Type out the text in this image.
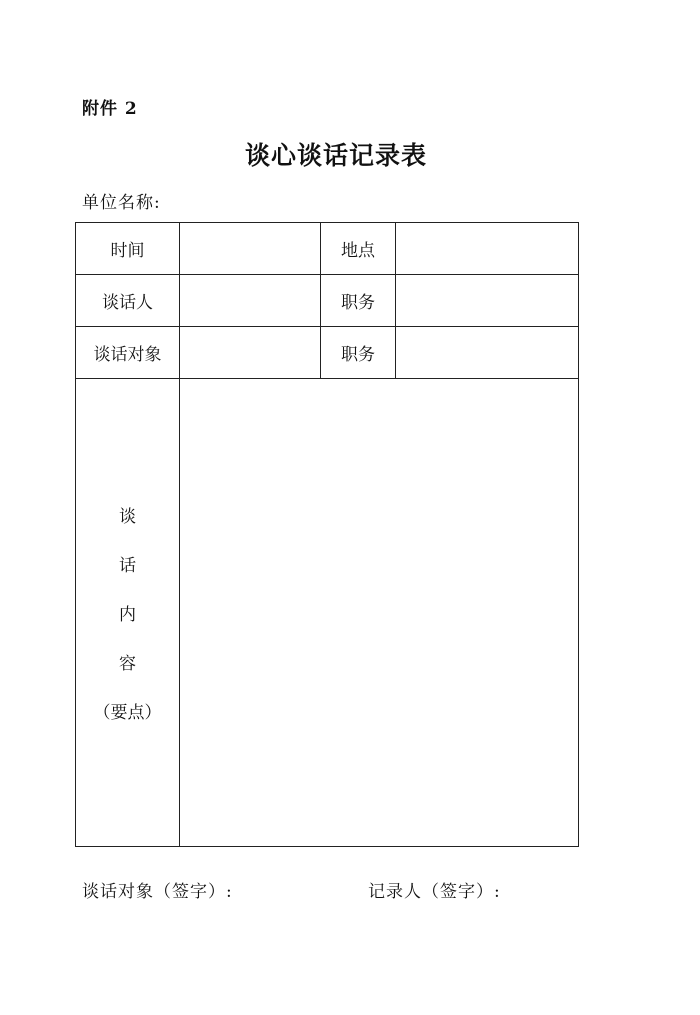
附件 2
谈心谈话记录表
单位名称:
时间		地点	
谈话人		职务	
谈话对象		职务	

谈
话
内
容
（要点）			

谈话对象（签字）:	记录人（签字）:
